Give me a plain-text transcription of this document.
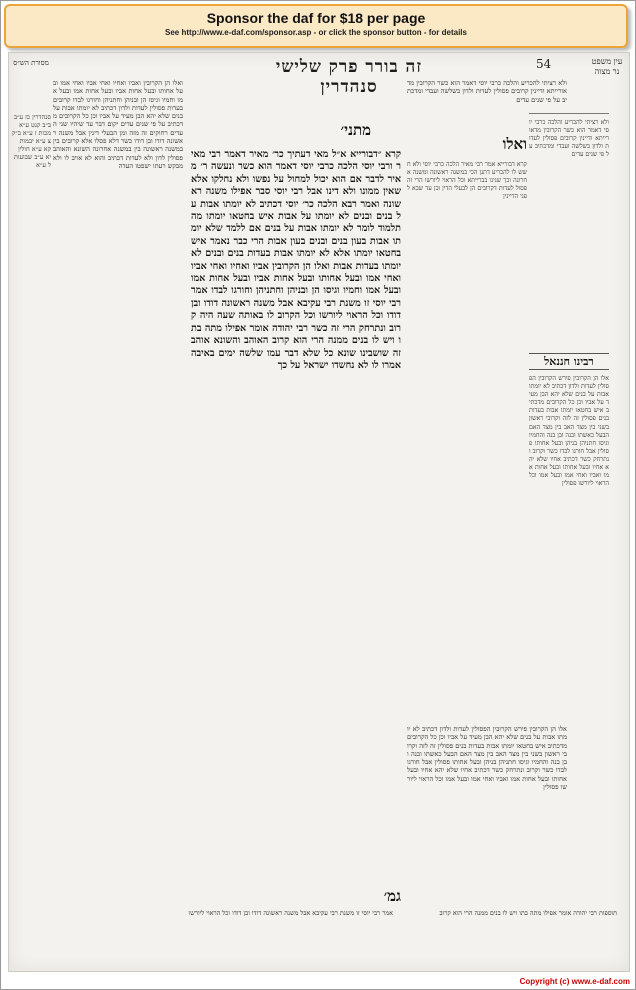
Sponsor the daf for $18 per page
See http://www.e-daf.com/sponsor.asp - or click the sponsor button - for details
מסורת הש״ס	זה בורר פרק שלישי סנהדרין
54	עין משפט נר מצוה
סנהדרין כז ע״ב ב״ב קנט ע״א מכות ז ע״א ב״ק צ ע״א יבמות קא ע״א חולין יא ע״ב שבועות ל ע״א
ואלו הן הקרובין ואביו ואחיו ואחי אביו ואחי אמו ובעל אחותו ובעל אחות אביו ובעל אחות אמו ובעל אמו וחמיו וגיסו הן ובניהן וחתניהן וחורגו לבדו קרובים בעדות פסולין לעדות ולדון דכתיב לא יומתו אבות על בנים שלא יהא הבן מעיד על אביו וכן כל הקרובים מדכתיב על פי שנים עדים יקום דבר עד שיהיו שני העדים רחוקים זה מזה ומן הבעלי דינין אבל משנה ראשונה דודו ובן דודו כשר דלא פסלו אלא קרובים בין במשנה ראשונה בין במשנה אחרונה השונא והאוהב פסולין לדון ולא לעדות דכתיב והוא לא אויב לו ולא מבקש רעתו ישפטו העדה
מתני׳
קרא ״דבורייא א״ל מאי דעתיך כר׳ מאיר דאמר רבי מאיר ורבי יוסי הלכה כרבי יוסי דאמר הוא כשר ונעשה ר׳ מאיר לדבר אם הוא יכול למחול על נפשו ולא נחלקו אלא שאין ממונו ולא דינו אבל רבי יוסי סבר אפילו משנה ראשונה ואמר רבא הלכה כר׳ יוסי דכתיב לא יומתו אבות על בנים ובנים לא יומתו על אבות איש בחטאו יומתו מה תלמוד לומר לא יומתו אבות על בנים אם ללמד שלא יומתו אבות בעון בנים ובנים בעון אבות הרי כבר נאמר איש בחטאו יומתו אלא לא יומתו אבות בעדות בנים ובנים לא יומתו בעדות אבות ואלו הן הקרובין אביו ואחיו ואחי אביו ואחי אמו ובעל אחותו ובעל אחות אביו ובעל אחות אמו ובעל אמו וחמיו וגיסו הן ובניהן וחתניהן וחורגו לבדו אמר רבי יוסי זו משנת רבי עקיבא אבל משנה ראשונה דודו ובן דודו וכל הראוי ליורשו וכל הקרוב לו באותה שעה היה קרוב ונתרחק הרי זה כשר רבי יהודה אומר אפילו מתה בתו ויש לו בנים ממנה הרי הוא קרוב האוהב והשונא אוהב זה שושבינו שונא כל שלא דבר עמו שלשה ימים באיבה אמרו לו לא נחשדו ישראל על כך
גמ׳
ולא רציתי להכריע והלכה כרבי יוסי דאמר הוא כשר הקרובין מדאורייתא ודיינין קרובים פסולין לעדות ולדון בשלשה ועבדי ומדכתיב על פי שנים עדים
ואלו
קרא דבורייא אמר רבי מאיר הלכה כרבי יוסי ולא חשש לו להכריע דתנן הכי במשנה ראשונה ומשנה אחרונה וכך שנינו בברייתא וכל הראוי ליורשו הרי זה פסול לעדות דקרובים הן לבעלי הדין וכן עד שבא לפני הדיינין
אלו הן הקרובין פירש הקרובין הפסולין לעדות ולדון דכתיב לא יומתו אבות על בנים שלא יהא הבן מעיד על אביו וכן כל הקרובים מדכתיב איש בחטאו יומתו אבות בעדות בנים פסולין זה לזה וקרובי ראשון בשני בין מצד האב בין מצד האם הבעל כאשתו ובנה ובן בנה והחמיו וגיסו חתניהן בניהן ובעל אחותו פסולין אבל חורגו לבדו כשר וקרוב ונתרחק כשר דכתיב אחיו שלא יהא אחיו ובעל אחותו ובעל אחות אמו ואביו ואחי אמו ובעל אמו וכל הראוי ליורשו פסולין
ולא רציתי להכריע והלכה כרבי יוסי דאמר הוא כשר הקרובין מדאורייתא ודיינין קרובים פסולין לעדות ולדון בשלשה ועבדי ומדכתיב על פי שנים עדים
רבינו חננאל
אלו הן הקרובין פירש הקרובין הפסולין לעדות ולדון דכתיב לא יומתו אבות על בנים שלא יהא הבן מעיד על אביו וכן כל הקרובים מדכתיב איש בחטאו יומתו אבות בעדות בנים פסולין זה לזה וקרובי ראשון בשני בין מצד האב בין מצד האם הבעל כאשתו ובנה ובן בנה והחמיו וגיסו חתניהן בניהן ובעל אחותו פסולין אבל חורגו לבדו כשר וקרוב ונתרחק כשר דכתיב אחיו שלא יהא אחיו ובעל אחותו ובעל אחות אמו ואביו ואחי אמו ובעל אמו וכל הראוי ליורשו פסולין
אמר רבי יוסי זו משנת רבי עקיבא אבל משנה ראשונה דודו ובן דודו וכל הראוי ליורשו	תוספות רבי יהודה אומר אפילו מתה בתו ויש לו בנים ממנה הרי הוא קרוב
Copyright (c) www.e-daf.com
